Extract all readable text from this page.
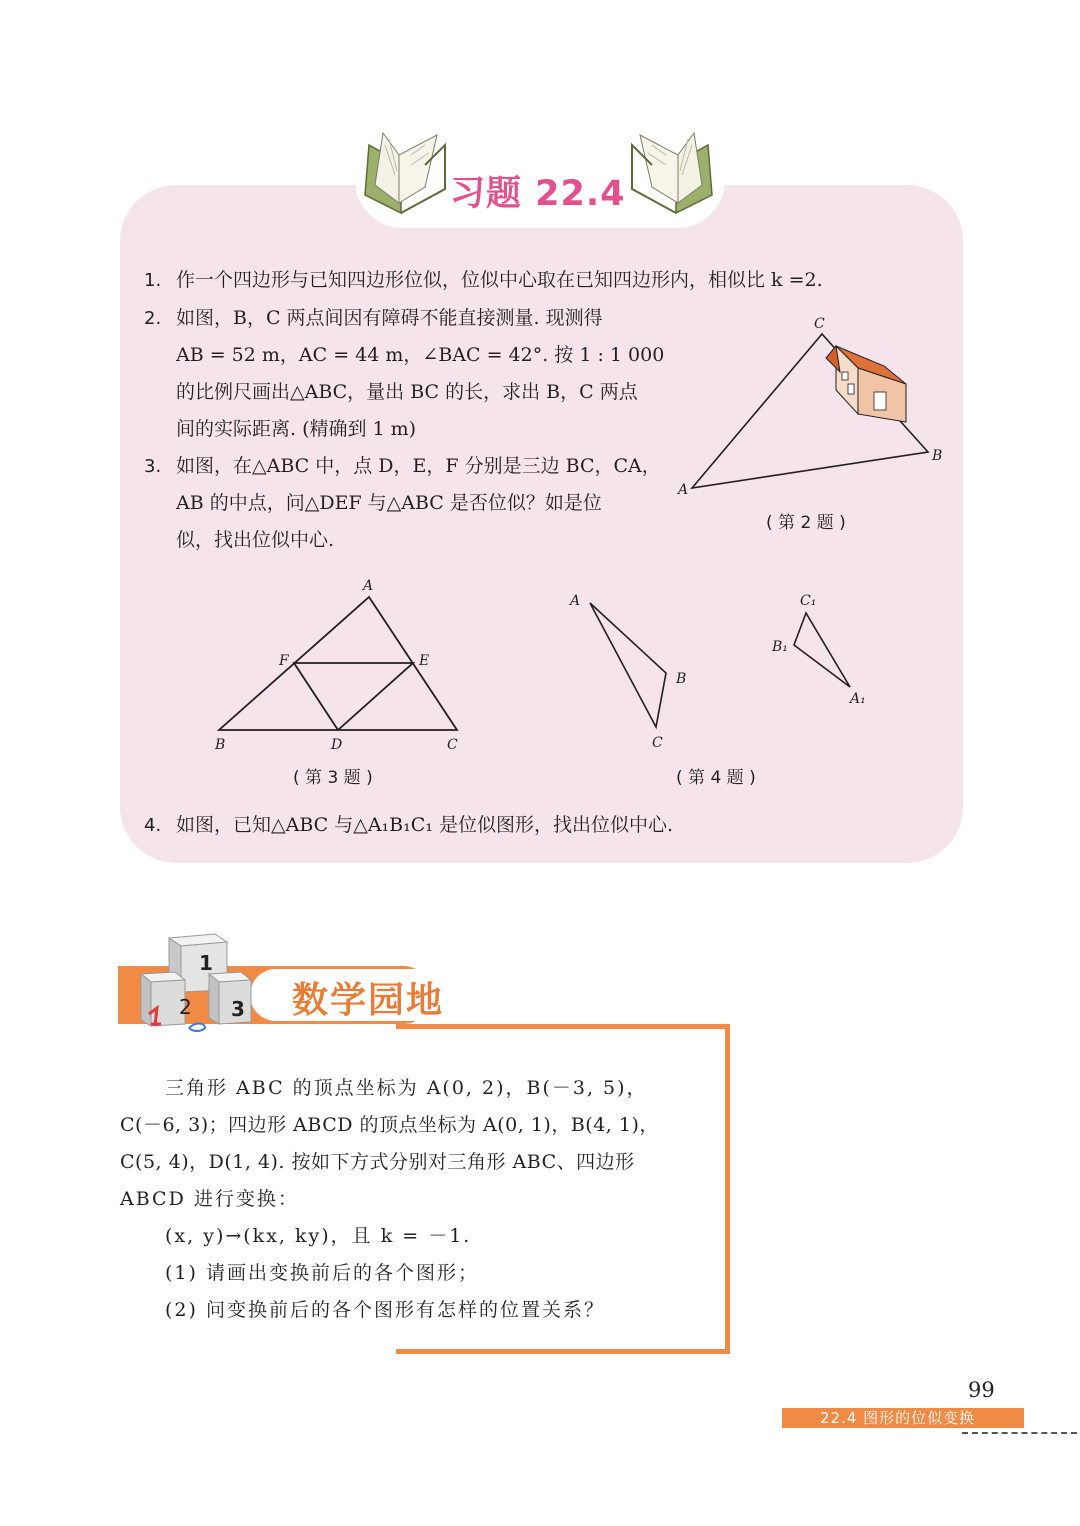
习题 22.4
1. 作一个四边形与已知四边形位似，位似中心取在已知四边形内，相似比 k =2.
2. 如图，B，C 两点间因有障碍不能直接测量. 现测得
AB = 52 m，AC = 44 m，∠BAC = 42°. 按 1 : 1 000
的比例尺画出△ABC，量出 BC 的长，求出 B，C 两点
间的实际距离. (精确到 1 m)
3. 如图，在△ABC 中，点 D，E，F 分别是三边 BC，CA，
AB 的中点，问△DEF 与△ABC 是否位似？如是位
似，找出位似中心.
A
C
B
( 第 2 题 )
A
F	E
B	D	C
( 第 3 题 )
A
B
C
C₁
B₁
A₁
( 第 4 题 )
4. 如图，已知△ABC 与△A₁B₁C₁ 是位似图形，找出位似中心.
1
2 3 数学园地
三角形 ABC 的顶点坐标为 A(0, 2)，B(－3, 5)，
C(－6, 3)；四边形 ABCD 的顶点坐标为 A(0, 1)，B(4, 1)，
C(5, 4)，D(1, 4). 按如下方式分别对三角形 ABC、四边形
ABCD 进行变换：
(x, y)→(kx, ky)，且 k = －1.
(1) 请画出变换前后的各个图形；
(2) 问变换前后的各个图形有怎样的位置关系？
99
22.4 图形的位似变换
